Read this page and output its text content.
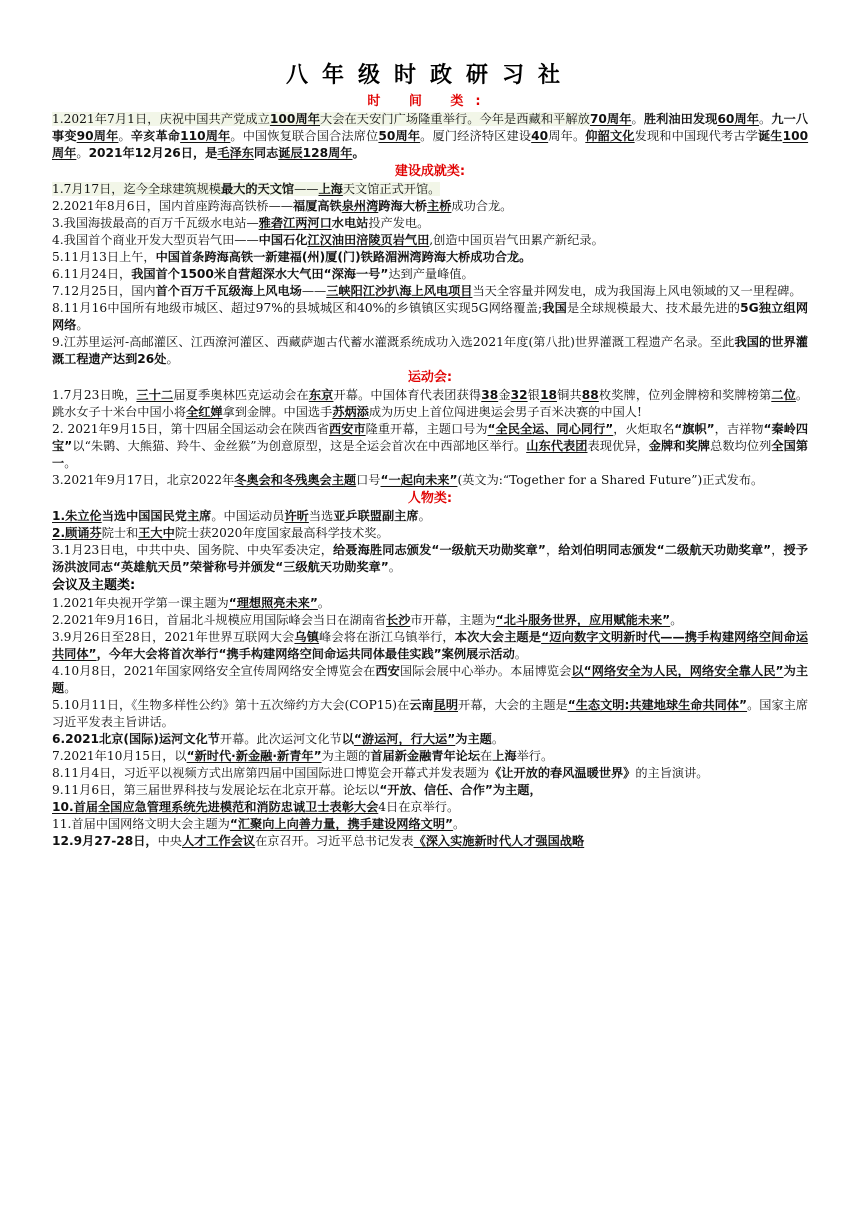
八年级时政研习社
时 间 类:

1.2021年7月1日，庆祝中国共产党成立100周年大会在天安门广场隆重举行。今年是西藏和平解放70周年。胜利油田发现60周年。九一八事变90周年。辛亥革命110周年。中国恢复联合国合法席位50周年。厦门经济特区建设40周年。仰韶文化发现和中国现代考古学诞生100周年。2021年12月26日，是毛泽东同志诞辰128周年。

建设成就类:

1.7月17日，迄今全球建筑规模最大的天文馆——上海天文馆正式开馆。

2.2021年8月6日，国内首座跨海高铁桥——福厦高铁泉州湾跨海大桥主桥成功合龙。

3.我国海拔最高的百万千瓦级水电站—雅砻江两河口水电站投产发电。

4.我国首个商业开发大型页岩气田——中国石化江汉油田涪陵页岩气田,创造中国页岩气田累产新纪录。

5.11月13日上午，中国首条跨海高铁一新建福(州)厦(门)铁路湄洲湾跨海大桥成功合龙。

6.11月24日，我国首个1500米自营超深水大气田“深海一号”达到产量峰值。

7.12月25日，国内首个百万千瓦级海上风电场——三峡阳江沙扒海上风电项目当天全容量并网发电，成为我国海上风电领域的又一里程碑。

8.11月16中国所有地级市城区、超过97%的县城城区和40%的乡镇镇区实现5G网络覆盖;我国是全球规模最大、技术最先进的5G独立组网网络。

9.江苏里运河-高邮灌区、江西潦河灌区、西藏萨迦古代蓄水灌溉系统成功入选2021年度(第八批)世界灌溉工程遗产名录。至此我国的世界灌溉工程遗产达到26处。

运动会:

1.7月23日晚，三十二届夏季奥林匹克运动会在东京开幕。中国体育代表团获得38金32银18铜共88枚奖牌，位列金牌榜和奖牌榜第二位。跳水女子十米台中国小将全红婵拿到金牌。中国选手苏炳添成为历史上首位闯进奥运会男子百米决赛的中国人!

2. 2021年9月15日，第十四届全国运动会在陕西省西安市隆重开幕，主题口号为“全民全运、同心同行”，火炬取名“旗帜”，吉祥物“秦岭四宝”以“朱鹮、大熊猫、羚牛、金丝猴”为创意原型，这是全运会首次在中西部地区举行。山东代表团表现优异，金牌和奖牌总数均位列全国第一。

3.2021年9月17日，北京2022年冬奥会和冬残奥会主题口号“一起向未来”(英文为:“Together for a Shared Future”)正式发布。

人物类:

1.朱立伦当选中国国民党主席。中国运动员许昕当选亚乒联盟副主席。

2.顾诵芬院士和王大中院士获2020年度国家最高科学技术奖。

3.1月23日电，中共中央、国务院、中央军委决定，给聂海胜同志颁发“一级航天功勋奖章”，给刘伯明同志颁发“二级航天功勋奖章”，授予汤洪波同志“英雄航天员”荣誉称号并颁发“三级航天功勋奖章”。

会议及主题类:

1.2021年央视开学第一课主题为“理想照亮未来”。

2.2021年9月16日，首届北斗规模应用国际峰会当日在湖南省长沙市开幕，主题为“北斗服务世界，应用赋能未来”。

3.9月26日至28日，2021年世界互联网大会乌镇峰会将在浙江乌镇举行，本次大会主题是“迈向数字文明新时代——携手构建网络空间命运共同体”，今年大会将首次举行“携手构建网络空间命运共同体最佳实践”案例展示活动。

4.10月8日，2021年国家网络安全宣传周网络安全博览会在西安国际会展中心举办。本届博览会以“网络安全为人民，网络安全靠人民”为主题。

5.10月11日，《生物多样性公约》第十五次缔约方大会(COP15)在云南昆明开幕，大会的主题是“生态文明:共建地球生命共同体”。国家主席习近平发表主旨讲话。

6.2021北京(国际)运河文化节开幕。此次运河文化节以“游运河，行大运”为主题。

7.2021年10月15日，以“新时代·新金融·新青年”为主题的首届新金融青年论坛在上海举行。

8.11月4日，习近平以视频方式出席第四届中国国际进口博览会开幕式并发表题为《让开放的春风温暖世界》的主旨演讲。

9.11月6日，第三届世界科技与发展论坛在北京开幕。论坛以“开放、信任、合作”为主题，

10.首届全国应急管理系统先进模范和消防忠诚卫士表彰大会4日在京举行。

11.首届中国网络文明大会主题为“汇聚向上向善力量，携手建设网络文明”。

12.9月27-28日，中央人才工作会议在京召开。习近平总书记发表《深入实施新时代人才强国战略
